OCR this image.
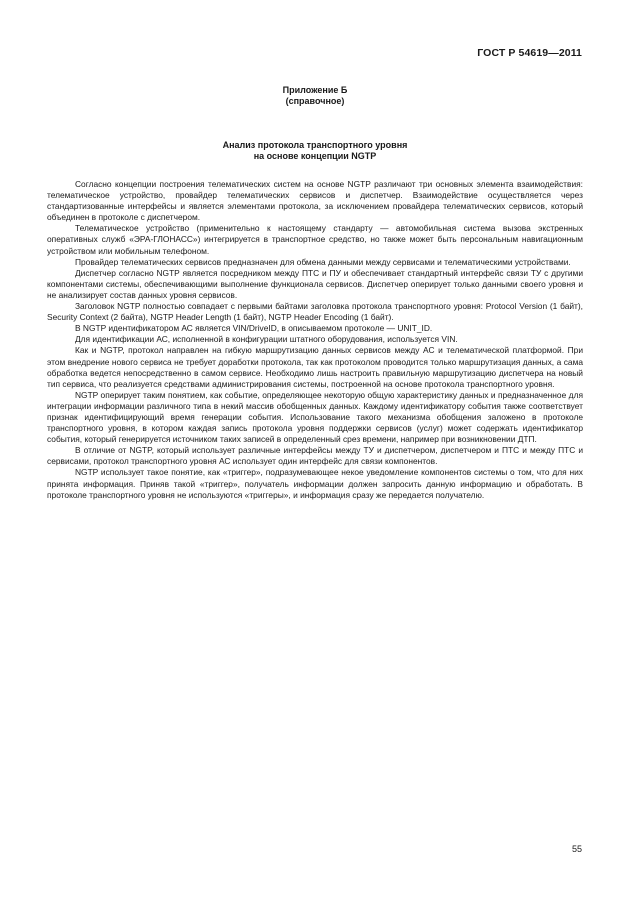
ГОСТ Р 54619—2011
Приложение Б
(справочное)
Анализ протокола транспортного уровня
на основе концепции NGTP

Согласно концепции построения телематических систем на основе NGTP различают три основных элемента взаимодействия: телематическое устройство, провайдер телематических сервисов и диспетчер. Взаимодействие осуществляется через стандартизованные интерфейсы и является элементами протокола, за исключением провайдера телематических сервисов, который объединен в протоколе с диспетчером.

Телематическое устройство (применительно к настоящему стандарту — автомобильная система вызова экстренных оперативных служб «ЭРА-ГЛОНАСС») интегрируется в транспортное средство, но также может быть персональным навигационным устройством или мобильным телефоном.

Провайдер телематических сервисов предназначен для обмена данными между сервисами и телематическими устройствами.

Диспетчер согласно NGTP является посредником между ПТС и ПУ и обеспечивает стандартный интерфейс связи ТУ с другими компонентами системы, обеспечивающими выполнение функционала сервисов. Диспетчер оперирует только данными своего уровня и не анализирует состав данных уровня сервисов.

Заголовок NGTP полностью совпадает с первыми байтами заголовка протокола транспортного уровня: Protocol Version (1 байт), Security Context (2 байта), NGTP Header Length (1 байт), NGTP Header Encoding (1 байт).

В NGTP идентификатором АС является VIN/DriveID, в описываемом протоколе — UNIT_ID.

Для идентификации АС, исполненной в конфигурации штатного оборудования, используется VIN.

Как и NGTP, протокол направлен на гибкую маршрутизацию данных сервисов между АС и телематической платформой. При этом внедрение нового сервиса не требует доработки протокола, так как протоколом проводится только маршрутизация данных, а сама обработка ведется непосредственно в самом сервисе. Необходимо лишь настроить правильную маршрутизацию диспетчера на новый тип сервиса, что реализуется средствами администрирования системы, построенной на основе протокола транспортного уровня.

NGTP оперирует таким понятием, как событие, определяющее некоторую общую характеристику данных и предназначенное для интеграции информации различного типа в некий массив обобщенных данных. Каждому идентификатору события также соответствует признак идентифицирующий время генерации события. Использование такого механизма обобщения заложено в протоколе транспортного уровня, в котором каждая запись протокола уровня поддержки сервисов (услуг) может содержать идентификатор события, который генерируется источником таких записей в определенный срез времени, например при возникновении ДТП.

В отличие от NGTP, который использует различные интерфейсы между ТУ и диспетчером, диспетчером и ПТС и между ПТС и сервисами, протокол транспортного уровня АС использует один интерфейс для связи компонентов.

NGTP использует такое понятие, как «триггер», подразумевающее некое уведомление компонентов системы о том, что для них принята информация. Приняв такой «триггер», получатель информации должен запросить данную информацию и обработать. В протоколе транспортного уровня не используются «триггеры», и информация сразу же передается получателю.

55
